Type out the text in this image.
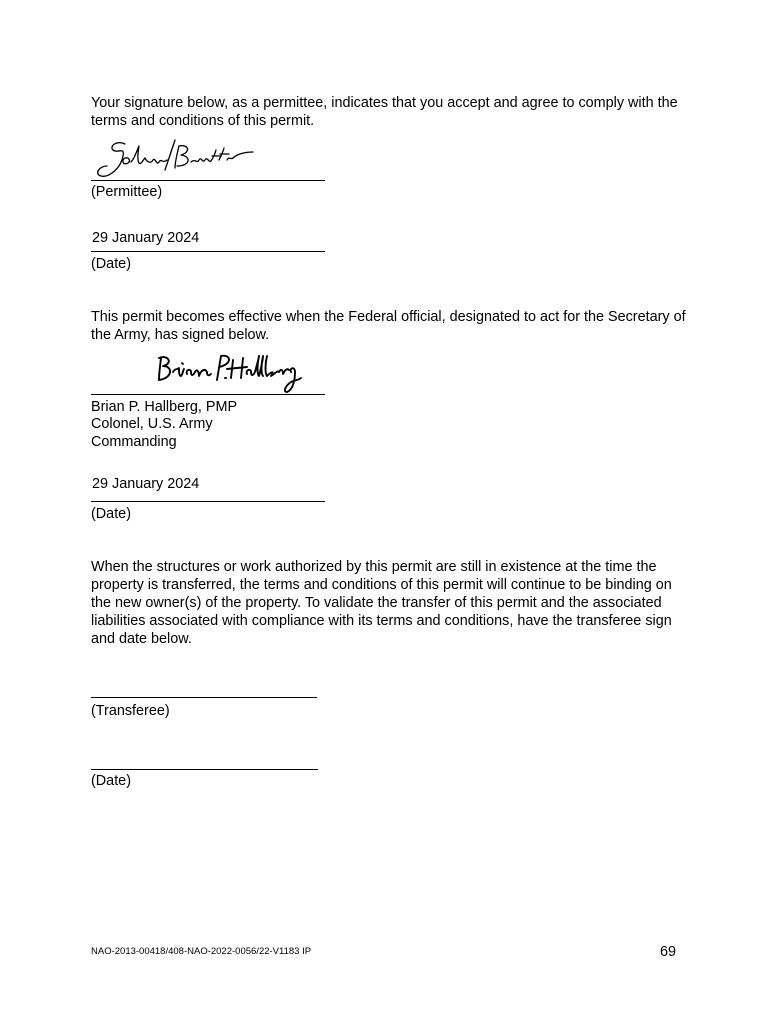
Your signature below, as a permittee, indicates that you accept and agree to comply with the terms and conditions of this permit.

(Permittee)
29 January 2024
(Date)

This permit becomes effective when the Federal official, designated to act for the Secretary of the Army, has signed below.

Brian P. Hallberg, PMP
Colonel, U.S. Army
Commanding
29 January 2024
(Date)

When the structures or work authorized by this permit are still in existence at the time the property is transferred, the terms and conditions of this permit will continue to be binding on the new owner(s) of the property. To validate the transfer of this permit and the associated liabilities associated with compliance with its terms and conditions, have the transferee sign and date below.

(Transferee)
(Date)
NAO-2013-00418/408-NAO-2022-0056/22-V1183 IP	69
